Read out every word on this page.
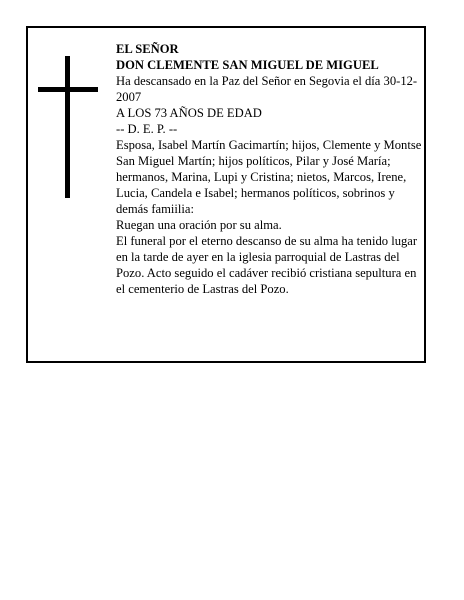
EL SEÑOR

DON CLEMENTE SAN MIGUEL DE MIGUEL

Ha descansado en la Paz del Señor en Segovia el día 30-12-2007

A LOS 73 AÑOS DE EDAD

-- D. E. P. --

Esposa, Isabel Martín Gacimartín; hijos, Clemente y Montse San Miguel Martín; hijos políticos, Pilar y José María; hermanos, Marina, Lupi y Cristina; nietos, Marcos, Irene, Lucia, Candela e Isabel; hermanos políticos, sobrinos y demás famiilia:

Ruegan una oración por su alma.

El funeral por el eterno descanso de su alma ha tenido lugar en la tarde de ayer en la iglesia parroquial de Lastras del Pozo. Acto seguido el cadáver recibió cristiana sepultura en el cementerio de Lastras del Pozo.
